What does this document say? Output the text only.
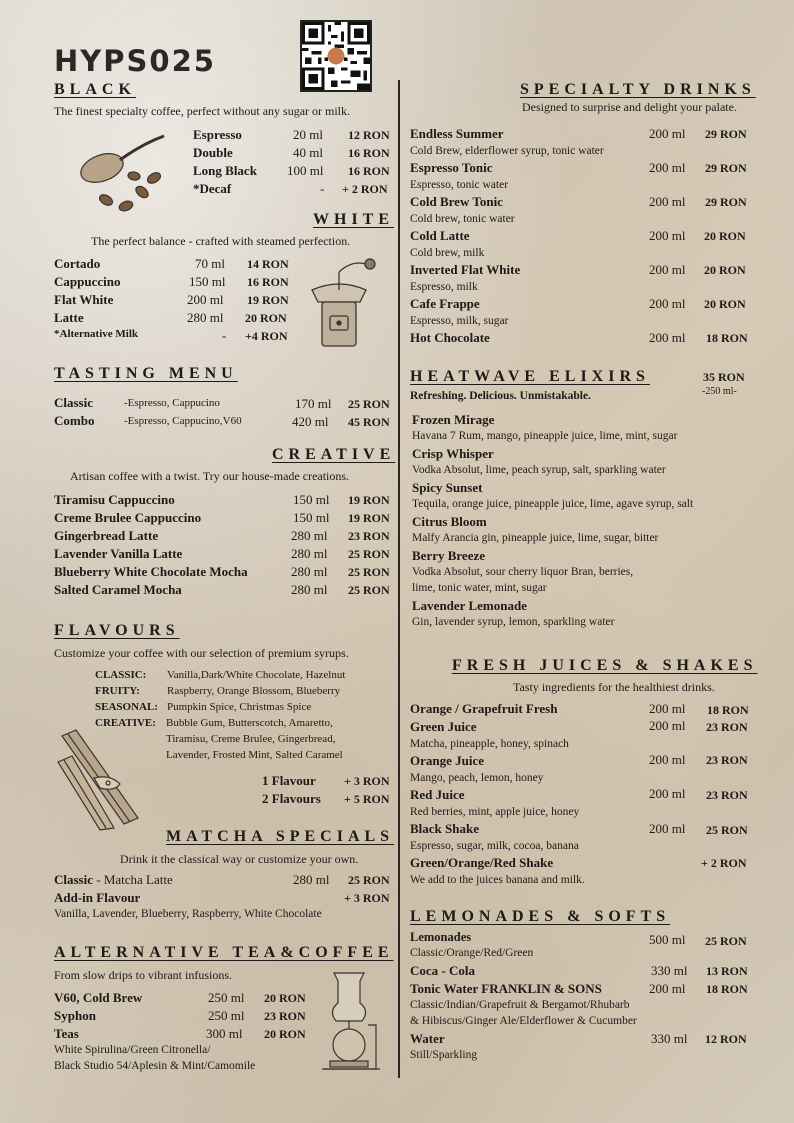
HYPS025
BLACK
The finest specialty coffee, perfect without any sugar or milk.
Espresso	20 ml 12 RON
Double	40 ml 16 RON
Long Black 100 ml 16 RON
*Decaf	- + 2 RON
WHITE
The perfect balance - crafted with steamed perfection.
Cortado	70 ml 14 RON
Cappuccino	150 ml 16 RON
Flat White	200 ml 19 RON
Latte	280 ml 20 RON
*Alternative Milk	- +4 RON
TASTING MENU
Classic	-Espresso, Cappucino	170 ml 25 RON
Combo	-Espresso, Cappucino,V60	420 ml 45 RON
CREATIVE
Artisan coffee with a twist. Try our house-made creations.
Tiramisu Cappuccino	150 ml 19 RON
Creme Brulee Cappuccino	150 ml 19 RON
Gingerbread Latte	280 ml 23 RON
Lavender Vanilla Latte	280 ml 25 RON
Blueberry White Chocolate Mocha	280 ml 25 RON
Salted Caramel Mocha	280 ml 25 RON
FLAVOURS
Customize your coffee with our selection of premium syrups.
CLASSIC: Vanilla,Dark/White Chocolate, Hazelnut
FRUITY: Raspberry, Orange Blossom, Blueberry
SEASONAL: Pumpkin Spice, Christmas Spice
CREATIVE: Bubble Gum, Butterscotch, Amaretto,
Tiramisu, Creme Brulee, Gingerbread,
Lavender, Frosted Mint, Salted Caramel
1 Flavour + 3 RON
2 Flavours + 5 RON
MATCHA SPECIALS
Drink it the classical way or customize your own.
Classic - Matcha Latte	280 ml 25 RON
Add-in Flavour	+ 3 RON
Vanilla, Lavender, Blueberry, Raspberry, White Chocolate
ALTERNATIVE TEA&COFFEE
From slow drips to vibrant infusions.
V60, Cold Brew	250 ml 20 RON
Syphon	250 ml 23 RON
Teas	300 ml 20 RON
White Spirulina/Green Citronella/
Black Studio 54/Aplesin & Mint/Camomile
SPECIALTY DRINKS
Designed to surprise and delight your palate.
Endless Summer	200 ml 29 RON
Cold Brew, elderflower syrup, tonic water
Espresso Tonic	200 ml 29 RON
Espresso, tonic water
Cold Brew Tonic	200 ml 29 RON
Cold brew, tonic water
Cold Latte	200 ml 20 RON
Cold brew, milk
Inverted Flat White	200 ml 20 RON
Espresso, milk
Cafe Frappe	200 ml 20 RON
Espresso, milk, sugar
Hot Chocolate	200 ml 18 RON
HEATWAVE ELIXIRS	35 RON
-250 ml-
Refreshing. Delicious. Unmistakable.
Frozen Mirage
Havana 7 Rum, mango, pineapple juice, lime, mint, sugar
Crisp Whisper
Vodka Absolut, lime, peach syrup, salt, sparkling water
Spicy Sunset
Tequila, orange juice, pineapple juice, lime, agave syrup, salt
Citrus Bloom
Malfy Arancia gin, pineapple juice, lime, sugar, bitter
Berry Breeze
Vodka Absolut, sour cherry liquor Bran, berries,
lime, tonic water, mint, sugar
Lavender Lemonade
Gin, lavender syrup, lemon, sparkling water
FRESH JUICES & SHAKES
Tasty ingredients for the healthiest drinks.
Orange / Grapefruit Fresh	200 ml 18 RON
Green Juice	200 ml 23 RON
Matcha, pineapple, honey, spinach
Orange Juice	200 ml 23 RON
Mango, peach, lemon, honey
Red Juice	200 ml 23 RON
Red berries, mint, apple juice, honey
Black Shake	200 ml 25 RON
Espresso, sugar, milk, cocoa, banana
Green/Orange/Red Shake	+ 2 RON
We add to the juices banana and milk.
LEMONADES & SOFTS
Lemonades	500 ml 25 RON
Classic/Orange/Red/Green
Coca - Cola	330 ml 13 RON
Tonic Water FRANKLIN & SONS	200 ml 18 RON
Classic/Indian/Grapefruit & Bergamot/Rhubarb
& Hibiscus/Ginger Ale/Elderflower & Cucumber
Water	330 ml 12 RON
Still/Sparkling
